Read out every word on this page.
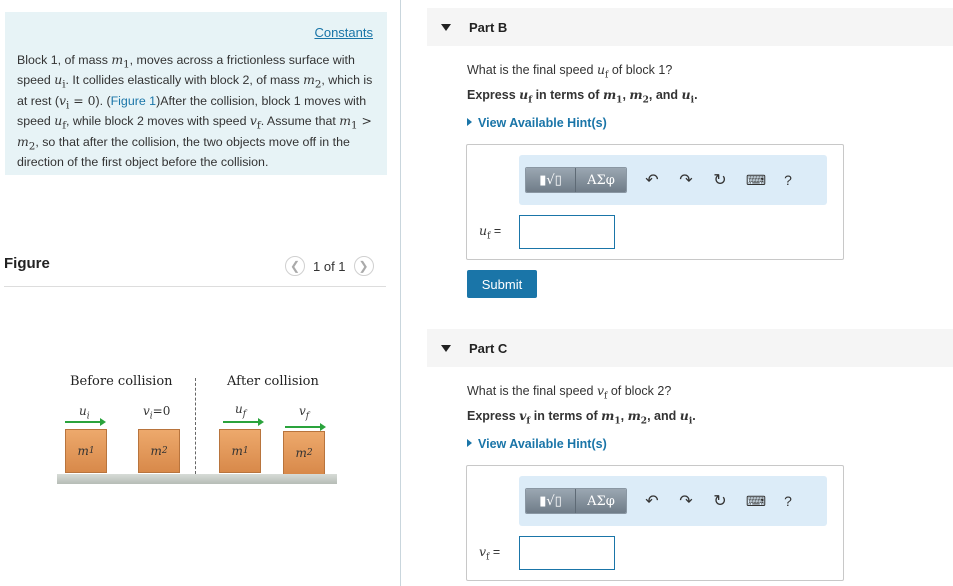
Constants
Block 1, of mass $m_1$, moves across a frictionless surface with speed $u_i$. It collides elastically with block 2, of mass $m_2$, which is at rest $(v_i = 0)$. (Figure 1)After the collision, block 1 moves with speed $u_f$, while block 2 moves with speed $v_f$. Assume that $m_1 > m_2$, so that after the collision, the two objects move off in the direction of the first object before the collision.
Figure	❮ 1 of 1	❯
Before collision	After collision
$u_i$	$v_i=0$
m 1	m 2
$u_f$	$v_f$
m 1	m 2
Part B
What is the final speed $u_f$ of block 1?
Express $u_f$ in terms of $m_1$, $m_2$, and $u_i$.
View Available Hint(s)
▮√▯	ΑΣφ	↶	↷	↻	⌨	?
$u_f$ =
Submit
Part C
What is the final speed $v_f$ of block 2?
Express $v_f$ in terms of $m_1$, $m_2$, and $u_i$.
View Available Hint(s)
▮√▯	ΑΣφ	↶	↷	↻	⌨	?
$v_f$ =
